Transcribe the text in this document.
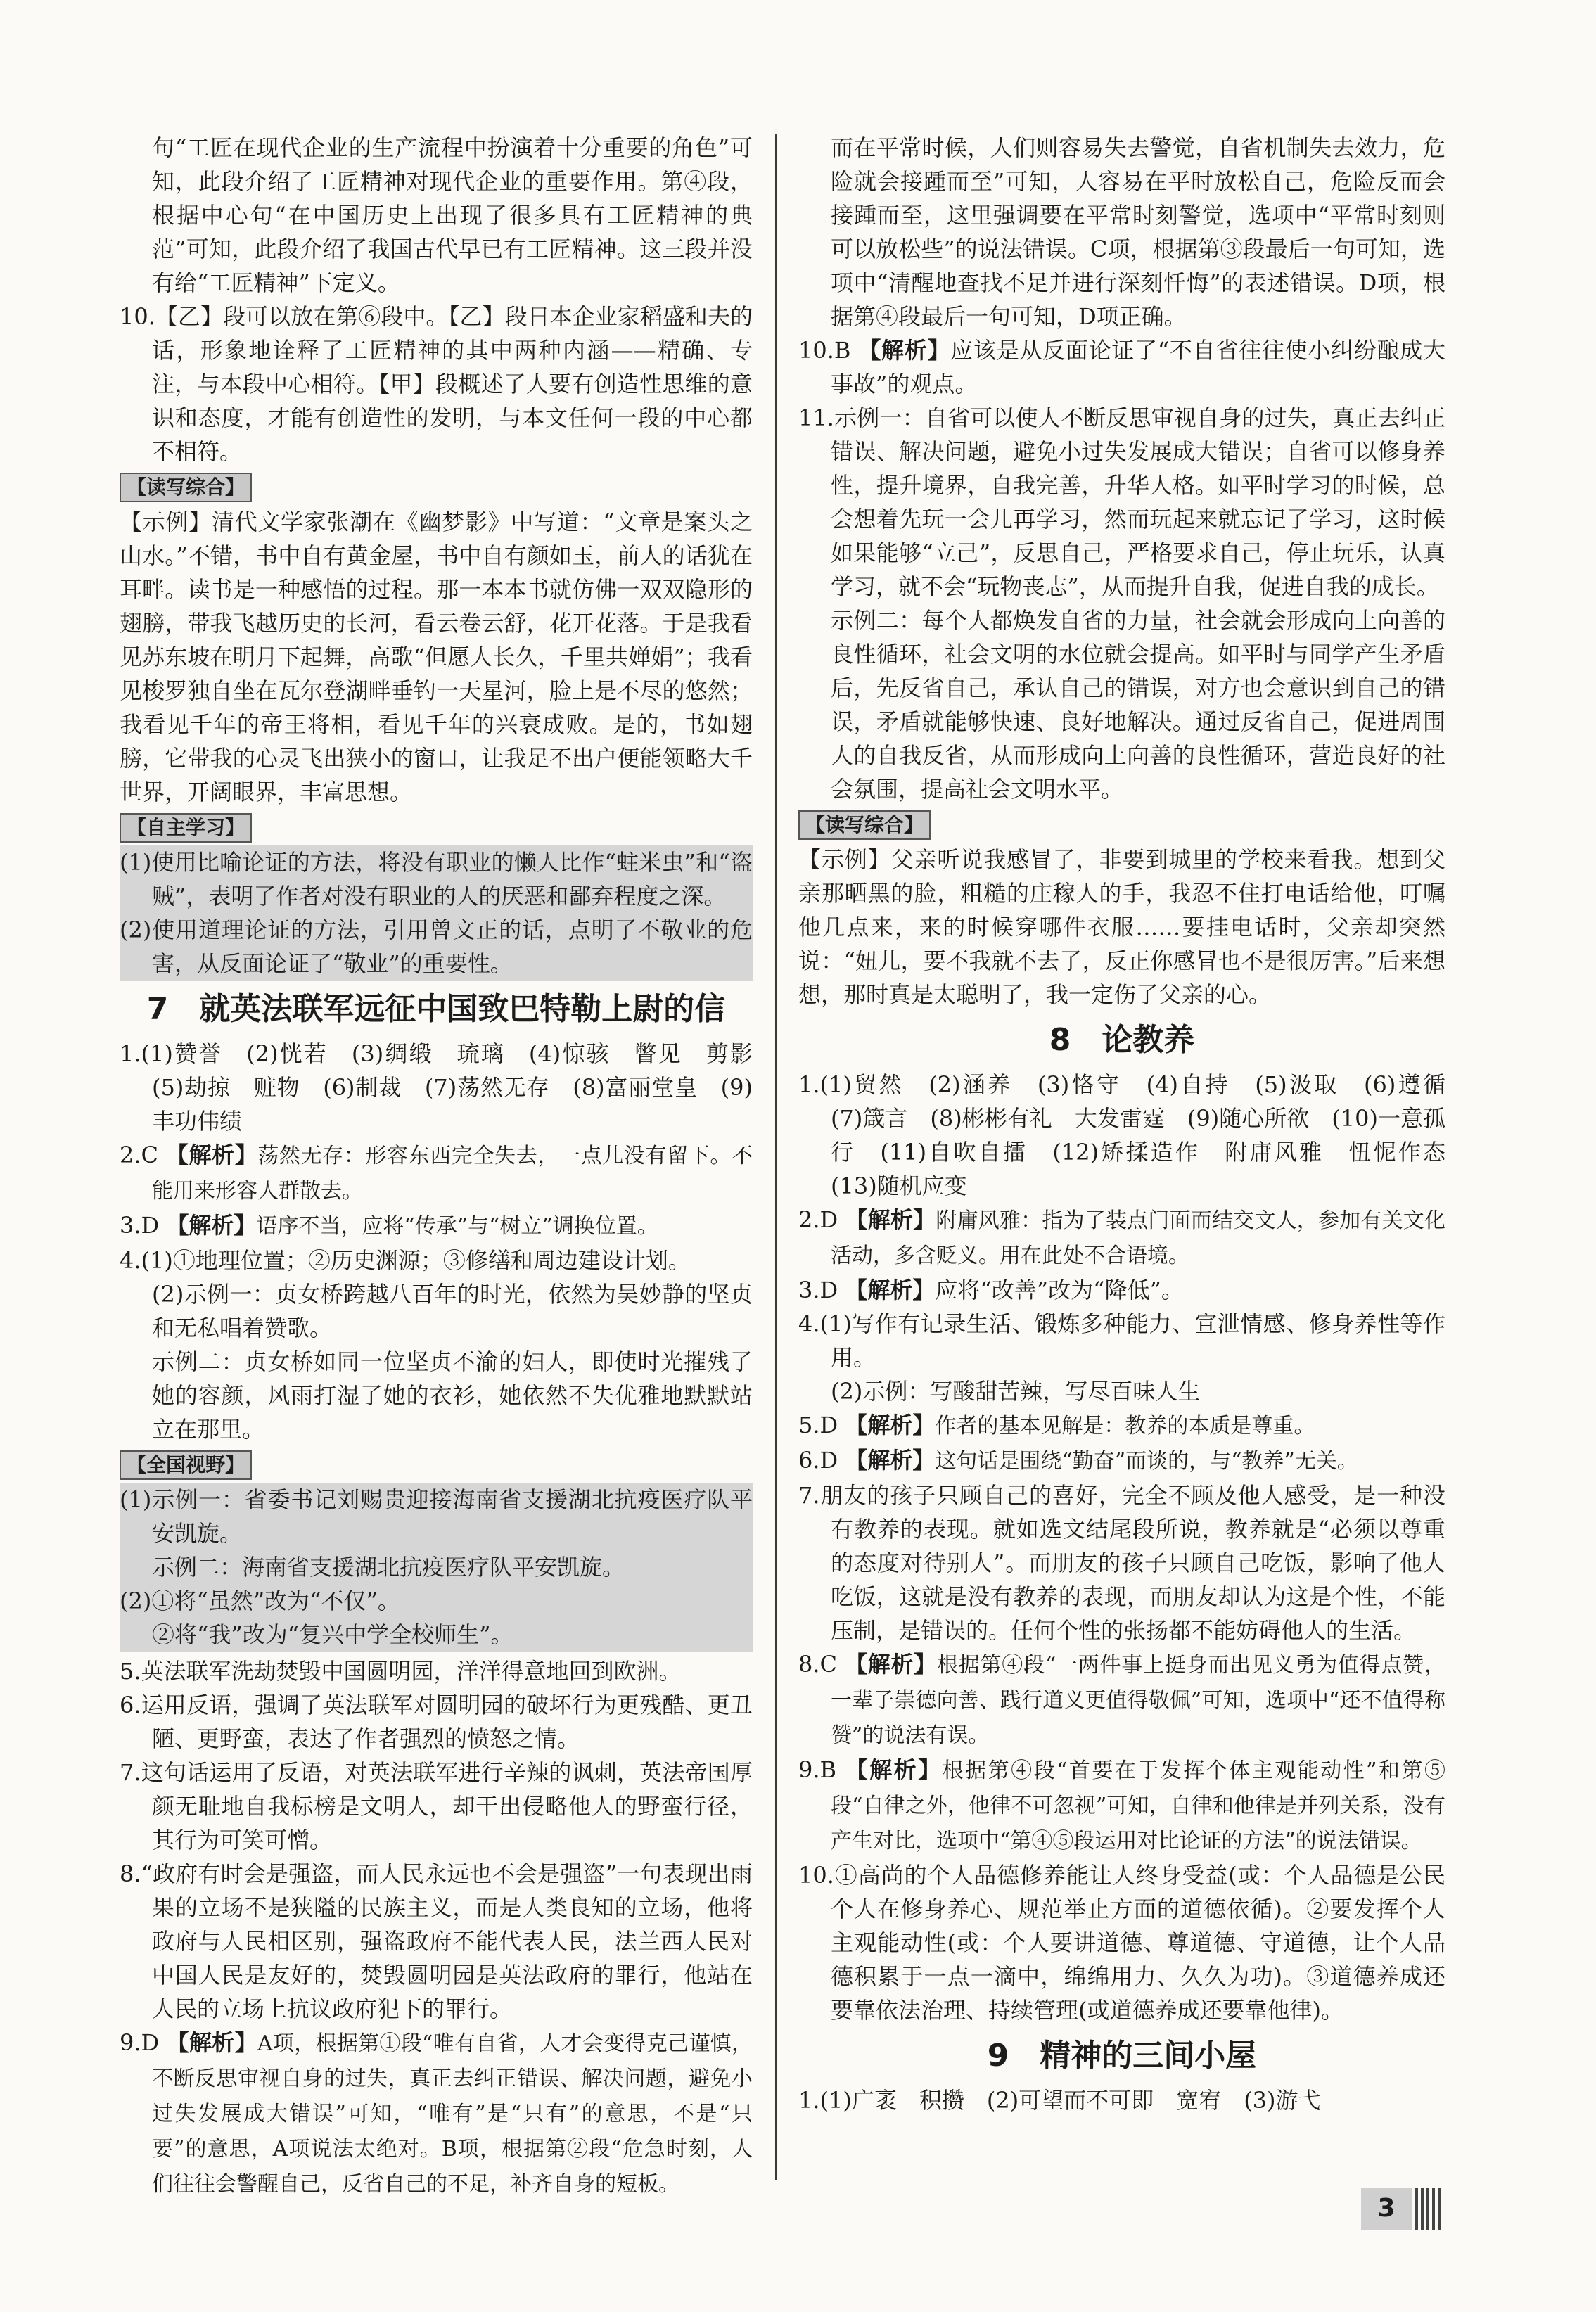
句“工匠在现代企业的生产流程中扮演着十分重要的角色”可知，此段介绍了工匠精神对现代企业的重要作用。第④段，根据中心句“在中国历史上出现了很多具有工匠精神的典范”可知，此段介绍了我国古代早已有工匠精神。这三段并没有给“工匠精神”下定义。

10.【乙】段可以放在第⑥段中。【乙】段日本企业家稻盛和夫的话，形象地诠释了工匠精神的其中两种内涵——精确、专注，与本段中心相符。【甲】段概述了人要有创造性思维的意识和态度，才能有创造性的发明，与本文任何一段的中心都不相符。

【 读写综合 】

【示例】清代文学家张潮在《幽梦影》中写道：“文章是案头之山水。”不错，书中自有黄金屋，书中自有颜如玉，前人的话犹在耳畔。读书是一种感悟的过程。那一本本书就仿佛一双双隐形的翅膀，带我飞越历史的长河，看云卷云舒，花开花落。于是我看见苏东坡在明月下起舞，高歌“但愿人长久，千里共婵娟”；我看见梭罗独自坐在瓦尔登湖畔垂钓一天星河，脸上是不尽的悠然；我看见千年的帝王将相，看见千年的兴衰成败。是的，书如翅膀，它带我的心灵飞出狭小的窗口，让我足不出户便能领略大千世界，开阔眼界，丰富思想。

【 自主学习 】

(1)使用比喻论证的方法，将没有职业的懒人比作“蛀米虫”和“盗贼”，表明了作者对没有职业的人的厌恶和鄙弃程度之深。

(2)使用道理论证的方法，引用曾文正的话，点明了不敬业的危害，从反面论证了“敬业”的重要性。

7　就英法联军远征中国致巴特勒上尉的信

1.(1)赞誉　(2)恍若　(3)绸缎　琉璃　(4)惊骇　瞥见　剪影　(5)劫掠　赃物　(6)制裁　(7)荡然无存　(8)富丽堂皇　(9)丰功伟绩

2.C 【 解析 】 荡然无存：形容东西完全失去，一点儿没有留下。不能用来形容人群散去。

3.D 【 解析 】 语序不当，应将“传承”与“树立”调换位置。

4.(1)①地理位置；②历史渊源；③修缮和周边建设计划。

(2)示例一：贞女桥跨越八百年的时光，依然为吴妙静的坚贞和无私唱着赞歌。

示例二：贞女桥如同一位坚贞不渝的妇人，即使时光摧残了她的容颜，风雨打湿了她的衣衫，她依然不失优雅地默默站立在那里。

【 全国视野 】

(1)示例一：省委书记刘赐贵迎接海南省支援湖北抗疫医疗队平安凯旋。

示例二：海南省支援湖北抗疫医疗队平安凯旋。

(2)①将“虽然”改为“不仅”。

②将“我”改为“复兴中学全校师生”。

5.英法联军洗劫焚毁中国圆明园，洋洋得意地回到欧洲。

6.运用反语，强调了英法联军对圆明园的破坏行为更残酷、更丑陋、更野蛮，表达了作者强烈的愤怒之情。

7.这句话运用了反语，对英法联军进行辛辣的讽刺，英法帝国厚颜无耻地自我标榜是文明人，却干出侵略他人的野蛮行径，其行为可笑可憎。

8.“政府有时会是强盗，而人民永远也不会是强盗”一句表现出雨果的立场不是狭隘的民族主义，而是人类良知的立场，他将政府与人民相区别，强盗政府不能代表人民，法兰西人民对中国人民是友好的，焚毁圆明园是英法政府的罪行，他站在人民的立场上抗议政府犯下的罪行。

9.D 【 解析 】 A项，根据第①段“唯有自省，人才会变得克己谨慎，不断反思审视自身的过失，真正去纠正错误、解决问题，避免小过失发展成大错误”可知，“唯有”是“只有”的意思，不是“只要”的意思，A项说法太绝对。B项，根据第②段“危急时刻，人们往往会警醒自己，反省自己的不足，补齐自身的短板。

而在平常时候，人们则容易失去警觉，自省机制失去效力，危险就会接踵而至”可知，人容易在平时放松自己，危险反而会接踵而至，这里强调要在平常时刻警觉，选项中“平常时刻则可以放松些”的说法错误。C项，根据第③段最后一句可知，选项中“清醒地查找不足并进行深刻忏悔”的表述错误。D项，根据第④段最后一句可知，D项正确。

10.B 【 解析 】 应该是从反面论证了“不自省往往使小纠纷酿成大事故”的观点。

11.示例一：自省可以使人不断反思审视自身的过失，真正去纠正错误、解决问题，避免小过失发展成大错误；自省可以修身养性，提升境界，自我完善，升华人格。如平时学习的时候，总会想着先玩一会儿再学习，然而玩起来就忘记了学习，这时候如果能够“立己”，反思自己，严格要求自己，停止玩乐，认真学习，就不会“玩物丧志”，从而提升自我，促进自我的成长。

示例二：每个人都焕发自省的力量，社会就会形成向上向善的良性循环，社会文明的水位就会提高。如平时与同学产生矛盾后，先反省自己，承认自己的错误，对方也会意识到自己的错误，矛盾就能够快速、良好地解决。通过反省自己，促进周围人的自我反省，从而形成向上向善的良性循环，营造良好的社会氛围，提高社会文明水平。

【 读写综合 】

【示例】父亲听说我感冒了，非要到城里的学校来看我。想到父亲那晒黑的脸，粗糙的庄稼人的手，我忍不住打电话给他，叮嘱他几点来，来的时候穿哪件衣服……要挂电话时，父亲却突然说：“妞儿，要不我就不去了，反正你感冒也不是很厉害。”后来想想，那时真是太聪明了，我一定伤了父亲的心。

8　论教养

1.(1)贸然　(2)涵养　(3)恪守　(4)自持　(5)汲取　(6)遵循　(7)箴言　(8)彬彬有礼　大发雷霆　(9)随心所欲　(10)一意孤行　(11)自吹自擂　(12)矫揉造作　附庸风雅　忸怩作态　(13)随机应变

2.D 【 解析 】 附庸风雅：指为了装点门面而结交文人，参加有关文化活动，多含贬义。用在此处不合语境。

3.D 【 解析 】 应将“改善”改为“降低”。

4.(1)写作有记录生活、锻炼多种能力、宣泄情感、修身养性等作用。

(2)示例：写酸甜苦辣，写尽百味人生

5.D 【 解析 】 作者的基本见解是：教养的本质是尊重。

6.D 【 解析 】 这句话是围绕“勤奋”而谈的，与“教养”无关。

7.朋友的孩子只顾自己的喜好，完全不顾及他人感受，是一种没有教养的表现。就如选文结尾段所说，教养就是“必须以尊重的态度对待别人”。而朋友的孩子只顾自己吃饭，影响了他人吃饭，这就是没有教养的表现，而朋友却认为这是个性，不能压制，是错误的。任何个性的张扬都不能妨碍他人的生活。

8.C 【 解析 】 根据第④段“一两件事上挺身而出见义勇为值得点赞，一辈子崇德向善、践行道义更值得敬佩”可知，选项中“还不值得称赞”的说法有误。

9.B 【 解析 】 根据第④段“首要在于发挥个体主观能动性”和第⑤段“自律之外，他律不可忽视”可知，自律和他律是并列关系，没有产生对比，选项中“第④⑤段运用对比论证的方法”的说法错误。

10.①高尚的个人品德修养能让人终身受益(或：个人品德是公民个人在修身养心、规范举止方面的道德依循)。②要发挥个人主观能动性(或：个人要讲道德、尊道德、守道德，让个人品德积累于一点一滴中，绵绵用力、久久为功)。③道德养成还要靠依法治理、持续管理(或道德养成还要靠他律)。

9　精神的三间小屋

1.(1)广袤　积攒　(2)可望而不可即　宽宥　(3)游弋

3
